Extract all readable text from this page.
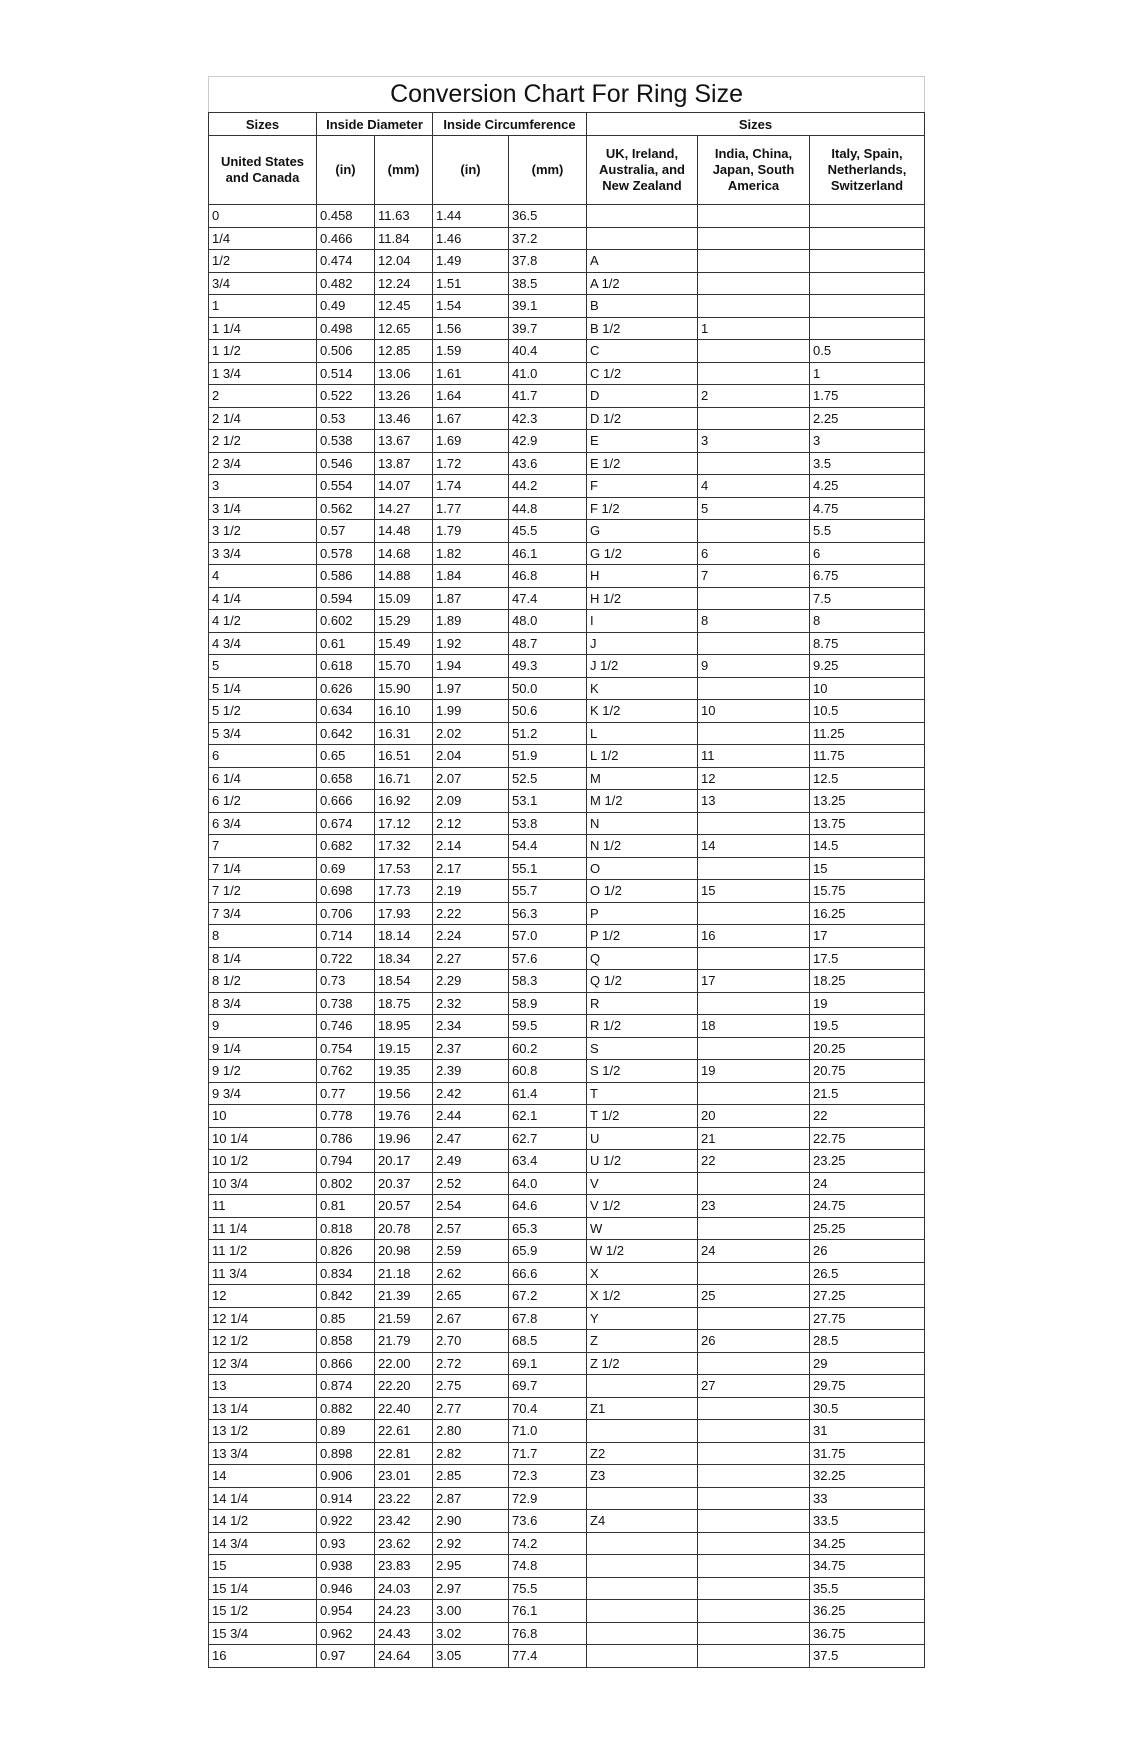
Conversion Chart For Ring Size							
Sizes	Inside Diameter		Inside Circumference		Sizes		
United States and Canada	(in)	(mm)	(in)	(mm)	UK, Ireland, Australia, and New Zealand	India, China, Japan, South America	Italy, Spain, Netherlands, Switzerland
0	0.458	11.63	1.44	36.5			
1/4	0.466	11.84	1.46	37.2			
1/2	0.474	12.04	1.49	37.8	A		
3/4	0.482	12.24	1.51	38.5	A 1/2		
1	0.49	12.45	1.54	39.1	B		
1 1/4	0.498	12.65	1.56	39.7	B 1/2	1	
1 1/2	0.506	12.85	1.59	40.4	C		0.5
1 3/4	0.514	13.06	1.61	41.0	C 1/2		1
2	0.522	13.26	1.64	41.7	D	2	1.75
2 1/4	0.53	13.46	1.67	42.3	D 1/2		2.25
2 1/2	0.538	13.67	1.69	42.9	E	3	3
2 3/4	0.546	13.87	1.72	43.6	E 1/2		3.5
3	0.554	14.07	1.74	44.2	F	4	4.25
3 1/4	0.562	14.27	1.77	44.8	F 1/2	5	4.75
3 1/2	0.57	14.48	1.79	45.5	G		5.5
3 3/4	0.578	14.68	1.82	46.1	G 1/2	6	6
4	0.586	14.88	1.84	46.8	H	7	6.75
4 1/4	0.594	15.09	1.87	47.4	H 1/2		7.5
4 1/2	0.602	15.29	1.89	48.0	I	8	8
4 3/4	0.61	15.49	1.92	48.7	J		8.75
5	0.618	15.70	1.94	49.3	J 1/2	9	9.25
5 1/4	0.626	15.90	1.97	50.0	K		10
5 1/2	0.634	16.10	1.99	50.6	K 1/2	10	10.5
5 3/4	0.642	16.31	2.02	51.2	L		11.25
6	0.65	16.51	2.04	51.9	L 1/2	11	11.75
6 1/4	0.658	16.71	2.07	52.5	M	12	12.5
6 1/2	0.666	16.92	2.09	53.1	M 1/2	13	13.25
6 3/4	0.674	17.12	2.12	53.8	N		13.75
7	0.682	17.32	2.14	54.4	N 1/2	14	14.5
7 1/4	0.69	17.53	2.17	55.1	O		15
7 1/2	0.698	17.73	2.19	55.7	O 1/2	15	15.75
7 3/4	0.706	17.93	2.22	56.3	P		16.25
8	0.714	18.14	2.24	57.0	P 1/2	16	17
8 1/4	0.722	18.34	2.27	57.6	Q		17.5
8 1/2	0.73	18.54	2.29	58.3	Q 1/2	17	18.25
8 3/4	0.738	18.75	2.32	58.9	R		19
9	0.746	18.95	2.34	59.5	R 1/2	18	19.5
9 1/4	0.754	19.15	2.37	60.2	S		20.25
9 1/2	0.762	19.35	2.39	60.8	S 1/2	19	20.75
9 3/4	0.77	19.56	2.42	61.4	T		21.5
10	0.778	19.76	2.44	62.1	T 1/2	20	22
10 1/4	0.786	19.96	2.47	62.7	U	21	22.75
10 1/2	0.794	20.17	2.49	63.4	U 1/2	22	23.25
10 3/4	0.802	20.37	2.52	64.0	V		24
11	0.81	20.57	2.54	64.6	V 1/2	23	24.75
11 1/4	0.818	20.78	2.57	65.3	W		25.25
11 1/2	0.826	20.98	2.59	65.9	W 1/2	24	26
11 3/4	0.834	21.18	2.62	66.6	X		26.5
12	0.842	21.39	2.65	67.2	X 1/2	25	27.25
12 1/4	0.85	21.59	2.67	67.8	Y		27.75
12 1/2	0.858	21.79	2.70	68.5	Z	26	28.5
12 3/4	0.866	22.00	2.72	69.1	Z 1/2		29
13	0.874	22.20	2.75	69.7		27	29.75
13 1/4	0.882	22.40	2.77	70.4	Z1		30.5
13 1/2	0.89	22.61	2.80	71.0			31
13 3/4	0.898	22.81	2.82	71.7	Z2		31.75
14	0.906	23.01	2.85	72.3	Z3		32.25
14 1/4	0.914	23.22	2.87	72.9			33
14 1/2	0.922	23.42	2.90	73.6	Z4		33.5
14 3/4	0.93	23.62	2.92	74.2			34.25
15	0.938	23.83	2.95	74.8			34.75
15 1/4	0.946	24.03	2.97	75.5			35.5
15 1/2	0.954	24.23	3.00	76.1			36.25
15 3/4	0.962	24.43	3.02	76.8			36.75
16	0.97	24.64	3.05	77.4			37.5
